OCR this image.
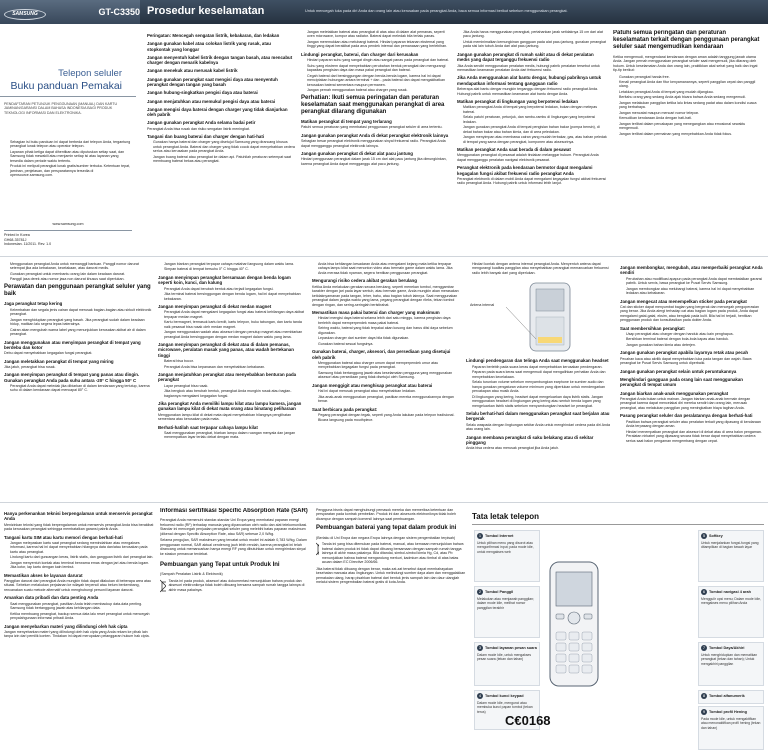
SAMSUNG	GT-C3350 Prosedur keselamatan	Untuk mencegah luka pada diri Anda dan orang lain atau kerusakan pada perangkat Anda, baca semua informasi berikut sebelum menggunakan perangkat.
Telepon seluler
Buku panduan Pemakai
PENDAFTARAN PETUNJUK PENGGUNAAN (MANUAL) DAN KARTU JAMINAN/GARANSI DALAM BAHASA INDONESIA BAGI PRODUK TEKNOLOGI INFORMASI DAN ELEKTRONIKA.
• Sebagian isi buku panduan ini dapat berbeda dari telepon Anda, tergantung perangkat lunak telepon atau operator telepon.
• Layanan pihak ketiga dapat dihentikan atau diputuskan setiap saat, dan Samsung tidak mewakili atau menjamin setiap isi atau layanan yang tersedia dalam periode waktu tertentu.
• Produk ini meliputi perangkat lunak gratis/sumber terbuka. Ketentuan tepat, jaminan, penjelasan, dan persyaratannya tersedia di opensource.samsung.com.
www.samsung.com
Printed in Korea
GH68-35781J
Indonesian. 11/2011. Rev. 1.0
Peringatan: Mencegah sengatan listrik, kebakaran, dan ledakan
Jangan gunakan kabel atau colokan listrik yang rusak, atau stopkontak yang longgar
Jangan menyentuh kabel listrik dengan tangan basah, atau mencabut charger dengan menarik kabelnya
Jangan menekuk atau merusak kabel listrik
Jangan gunakan perangkat saat mengisi daya atau menyentuh perangkat dengan tangan yang basah
Jangan hubung-singkatkan pengisi daya atau baterai
Jangan menjatuhkan atau memukul pengisi daya atau baterai
Jangan mengisi daya baterai dengan charger yang tidak dianjurkan oleh pabrik
Jangan gunakan perangkat Anda selama badai petir

Perangkat Anda bisa rusak dan risiko sengatan listrik meningkat.

Tangani dan buang baterai dan charger dengan hati-hati
• Gunakan hanya baterai dan charger yang disetujui Samsung yang dirancang khusus untuk perangkat Anda. Baterai dan charger yang tidak cocok dapat menyebabkan cedera serius atau kerusakan pada perangkat Anda.
• Jangan buang baterai atau perangkat ke dalam api. Patuhilah peraturan setempat saat membuang baterai bekas atau perangkat.
• Jangan meletakkan baterai atau perangkat di atas atau di dalam alat pemanas, seperti oven microwave, kompor atau radiator. Baterai dapat meledak bila terlalu panas.
• Jangan meremukkan atau melubangi baterai. Hindari paparan tekanan eksternal yang tinggi yang dapat berakibat pada arus pendek internal dan pemanasan yang berlebihan.
Lindungi perangkat, baterai, dan charger dari kerusakan
• Hindari paparan suhu yang sangat dingin atau sangat panas pada perangkat dan baterai.
• Suhu yang ekstrem dapat menyebabkan perubahan bentuk perangkat dan mengurangi kapasitas pengisian daya dan masa pakai perangkat dan baterai.
• Cegah baterai dari bersinggungan dengan benda-benda logam, karena hal ini dapat menciptakan hubungan antara terminal + dan - pada baterai dan dapat mengakibatkan kerusakan baterai sementara maupun permanen.
• Jangan pernah menggunakan baterai atau charger yang rusak.
Perhatian: Ikuti semua peringatan dan peraturan keselamatan saat menggunakan perangkat di area perangkat dilarang digunakan
Matikan perangkat di tempat yang terlarang

Patuhi semua peraturan yang membatasi penggunaan perangkat seluler di area tertentu.

Jangan gunakan perangkat Anda di dekat perangkat elektronik lainnya

Sebagian besar perangkat elektronik menggunakan sinyal frekuensi radio. Perangkat Anda dapat mengganggu perangkat elektronik lainnya.

Jangan gunakan perangkat di dekat alat pacu jantung

Hindari penggunaan perangkat dalam jarak 15 cm dari alat pacu jantung jika dimungkinkan, karena perangkat Anda dapat mengganggu alat pacu jantung.

• Jika Anda harus menggunakan perangkat, pertahankan jarak setidaknya 15 cm dari alat pacu jantung.
• Untuk meminimalkan kemungkinan gangguan pada alat pacu jantung, gunakan perangkat pada sisi lain tubuh Anda dari alat pacu jantung.
Jangan gunakan perangkat di rumah sakit atau di dekat peralatan medis yang dapat terganggu frekuensi radio

Jika Anda sendiri menggunakan peralatan medis, hubungi pabrik peralatan tersebut untuk memastikan keamanan peralatan Anda dari frekuensi radio.

Jika Anda menggunakan alat bantu dengar, hubungi pabriknya untuk mendapatkan informasi tentang gangguan radio

Beberapa alat bantu dengar mungkin terganggu dengan frekuensi radio perangkat Anda. Hubungi pabrik untuk memastikan keamanan alat bantu dengar Anda.

Matikan perangkat di lingkungan yang berpotensi ledakan
• Matikan perangkat Anda di tempat yang berpotensi ledakan, bukan dengan melepas baterai.
• Selalu patuhi peraturan, petunjuk, dan rambu-rambu di lingkungan yang berpotensi ledakan.
• Jangan gunakan perangkat Anda di tempat pengisian bahan bakar (pompa bensin), di dekat bahan bakar atau bahan kimia, dan di area peledakan.
• Jangan menyimpan atau membawa cairan yang mudah terbakar, gas, atau bahan peledak di tempat yang sama dengan perangkat, komponen atau aksesorinya.
Matikan perangkat Anda saat berada di dalam pesawat

Menggunakan perangkat di pesawat adalah tindakan melanggar hukum. Perangkat Anda dapat mengganggu peralatan navigasi elektronik pesawat.

Perangkat elektronik pada kendaraan bermotor dapat mengalami kegagalan fungsi akibat frekuensi radio perangkat Anda

Perangkat elektronik di dalam mobil Anda dapat mengalami kegagalan fungsi akibat frekuensi radio perangkat Anda. Hubungi pabrik untuk informasi lebih lanjut.

Patuhi semua peringatan dan peraturan keselamatan terkait dengan penggunaan perangkat seluler saat mengemudikan kendaraan

Ketika mengemudi, mengendarai kendaraan dengan aman adalah tanggung jawab utama Anda. Jangan pernah menggunakan perangkat seluler saat mengemudi, jika dilarang oleh hukum. Untuk keselamatan Anda dan orang lain, praktikkan akal sehat yang baik dan ingat tip-tip berikut:

• Gunakan perangkat handa free.
• Kenali perangkat Anda dan fitur kenyamanannya, seperti panggilan cepat dan panggil ulang.
• Letakkan perangkat Anda di tempat yang mudah dijangkau.
• Beritahu orang yang sedang Anda ajak bicara bahwa Anda sedang mengemudi.
• Jangan melakukan panggilan ketika lalu lintas sedang padat atau dalam kondisi cuaca yang berbahaya.
• Jangan mencatat maupun mencari nomor telepon.
• Kemudikan kendaraan Anda dengan hati-hati.
• Jangan terlibat dalam percakapan yang menegangkan atau emosional sewaktu mengemudi.
• Jangan terlibat dalam permainan yang menyebabkan Anda tidak fokus.
• Menggunakan perangkat Anda untuk memanggil bantuan. Panggil nomor darurat setempat jika ada kebakaran, kecelakaan, atau darurat medis.
• Gunakan perangkat untuk membantu orang lain dalam keadaan darurat.
• Panggil jasa derek atau nomor jasa non darurat khusus saat diperlukan.
Perawatan dan penggunaan perangkat seluler yang baik
Jaga perangkat tetap kering
• Kelembaban dan segala jenis cairan dapat merusak bagian-bagian atau sirkuit elektronik perangkat.
• Jangan menghidupkan perangkat yang basah. Jika perangkat sudah dalam keadaan hidup, matikan lalu segera lepas baterainya.
• Cairan akan mengubah warna label yang menunjukkan kerusakan akibat air di dalam perangkat.
Jangan menggunakan atau menyimpan perangkat di tempat yang berdebu dan kotor

Debu dapat menyebabkan kegagalan fungsi perangkat.

Jangan meletakkan perangkat di tempat yang miring

Jika jatuh, perangkat bisa rusak.

Jangan menyimpan perangkat di tempat yang panas atau dingin. Gunakan perangkat Anda pada suhu antara -20° C hingga 50° C
• Perangkat Anda dapat meledak jika dibiarkan di dalam kendaraan yang tertutup, karena suhu di dalam kendaraan dapat mencapai 80° C.
• Jangan biarkan perangkat terpapar cahaya matahari langsung dalam waktu lama.
• Simpan baterai di tempat bersuhu 0° C hingga 40° C.
Jangan menyimpan perangkat bersamaan dengan benda logam seperti koin, kunci, dan kalung
• Perangkat Anda dapat berubah bentuk atau terjadi kegagalan fungsi.
• Jika terminal baterai bersinggungan dengan benda logam, hal ini dapat menyebabkan kebakaran.
Jangan menyimpan perangkat di dekat medan magnet
• Perangkat Anda dapat mengalami kegagalan fungsi atau baterai kehilangan daya akibat terpapar medan magnet.
• Kartu bermagnet, termasuk kartu kredit, kartu telepon, buku tabungan, dan kartu tanda naik pesawat bisa rusak oleh medan magnet.
• Jangan menggunakan wadah atau aksesori dengan penutup magnet atau membiarkan perangkat Anda bersinggungan dengan medan magnet dalam waktu yang lama.
Jangan menyimpan perangkat di dekat atau di dalam pemanas, microwave, peralatan masak yang panas, atau wadah bertekanan tinggi
• Baterai bisa bocor.
• Perangkat Anda bisa kepanasan dan menyebabkan kebakaran.
Jangan menjatuhkan perangkat atau menyebabkan benturan pada perangkat
• Layar perangkat bisa rusak.
• Jika bengkok atau berubah bentuk, perangkat Anda mungkin rusak atau bagian-bagiannya mengalami kegagalan fungsi.
Jika perangkat Anda memiliki lampu kilat atau lampu kamera, jangan gunakan lampu kilat di dekat mata orang atau binatang peliharaan

Menggunakan lampu kilat di dekat mata dapat menyebabkan hilangnya penglihatan sementara atau kerusakan pada mata.

Berhati-hatilah saat terpapar cahaya lampu kilat
• Saat menggunakan perangkat, biarkan lampu dalam ruangan menyala dan jangan menempatkan layar terlalu dekat dengan mata.
• Anda bisa kehilangan kesadaran Anda atau mengalami kejang mata ketika terpapar cahaya lampu kilat saat menonton video atau bermain game dalam waktu lama. Jika Anda merasa tidak nyaman, segera hentikan penggunaan perangkat.
Mengurangi risiko cedera akibat gerakan berulang

Ketika Anda melakukan gerakan secara berulang, seperti menekan tombol, menggambar karakter dengan jari pada layar sentuh, atau bermain game, Anda mungkin akan merasakan ketidaknyamanan pada tangan, leher, bahu, atau bagian tubuh lainnya. Saat menggunakan perangkat dalam jangka waktu yang lama, pegang perangkat dengan rileks, tekan tombol dengan ringan, dan sering-seringlah beristirahat.

Memastikan masa pakai baterai dan charger yang maksimum
• Hindari mengisi daya baterai selama lebih dari satu minggu, karena pengisian daya berlebih dapat memperpendek masa pakai baterai.
• Seiring waktu, baterai yang tidak terpakai akan kosong dan harus diisi daya sebelum digunakan.
• Lepaskan charger dari sumber daya bila tidak digunakan.
• Gunakan baterai sesuai fungsinya.
Gunakan baterai, charger, aksesori, dan persediaan yang disetujui oleh pabrik
• Menggunakan baterai atau charger umum dapat memperpendek umur atau menyebabkan kegagalan fungsi pada perangkat.
• Samsung tidak bertanggung jawab atas keselamatan pengguna yang menggunakan aksesori atau persediaan yang tidak disetujui oleh Samsung.
Jangan menggigit atau menghisap perangkat atau baterai
• Hal ini dapat merusak perangkat atau menyebabkan ledakan.
• Jika anak-anak menggunakan perangkat, pastikan mereka menggunakannya dengan benar.
Saat berbicara pada perangkat:
• Pegang perangkat dengan tegak, seperti yang Anda lakukan pada telepon tradisional.
• Bicara langsung pada mouthpiece.
• Hindari kontak dengan antena internal perangkat Anda. Menyentuh antena dapat mengurangi kualitas panggilan atau menyebabkan perangkat memancarkan frekuensi radio lebih banyak dari yang diperlukan.
Antena internal
Lindungi pendengaran dan telinga Anda saat menggunakan headset
• Paparan berlebih pada suara keras dapat menyebabkan kerusakan pendengaran.
• Paparan pada suara keras saat mengemudi dapat mengalihkan perhatian Anda dan menyebabkan kecelakaan.
• Selalu turunkan volume sebelum menyambungkan earphone ke sumber audio dan hanya gunakan pengaturan volume minimum yang diperlukan untuk mendengarkan percakapan atau musik Anda.
• Di lingkungan yang kering, headset dapat mengeluarkan daya listrik statis. Jangan menggunakan headset di lingkungan yang kering atau sentuh benda logam yang mengeluarkan listrik statis sebelum menyambungkan headset ke perangkat.
Selalu berhati-hati dalam menggunakan perangkat saat berjalan atau bergerak

Selalu waspada dengan lingkungan sekitar Anda untuk menghindari cedera pada diri Anda atau orang lain.

Jangan membawa perangkat di saku belakang atau di sekitar pinggang

Anda bisa cedera atau merusak perangkat jika Anda jatuh.

Jangan membongkar, mengubah, atau memperbaiki perangkat Anda sendiri
• Perubahan atau modifikasi apapun pada perangkat Anda dapat membatalkan garansi pabrik. Untuk servis, bawa perangkat ke Pusat Servis Samsung.
• Jangan membongkar atau melubangi baterai, karena hal ini dapat menyebabkan ledakan atau kebakaran.
Jangan mengecat atau menempelkan sticker pada perangkat

Cat dan sticker dapat menyumbat bagian yang bergerak dan mencegah pengoperasian yang benar. Jika Anda alergi terhadap cat atau bagian logam pada produk, Anda dapat mengalami gatal-gatal, eksim, atau bengkak pada kulit. Bila hal ini terjadi, hentikan penggunaan produk dan konsultasikan pada dokter Anda.

Saat membersihkan perangkat:
• Usap perangkat atau charger dengan handuk atau kain penghapus.
• Bersihkan terminal baterai dengan bola-bola kapas atau handuk.
• Jangan gunakan bahan kimia atau deterjen.
Jangan gunakan perangkat apabila layarnya retak atau pecah

Pecahan kaca atau akrilik dapat menyebabkan luka pada tangan dan wajah. Bawa perangkat ke Pusat Servis Samsung untuk diperbaiki.

Jangan gunakan perangkat selain untuk peruntukannya
Menghindari gangguan pada orang lain saat menggunakan perangkat di tempat umum
Jangan biarkan anak-anak menggunakan perangkat

Perangkat Anda bukan untuk mainan. Jangan biarkan anak-anak bermain dengan perangkat karena dapat mencelakai diri mereka sendiri dan orang lain, merusak perangkat, atau melakukan panggilan yang meningkatkan biaya tagihan Anda.

Pasang perangkat seluler dan peralatannya dengan berhati-hati
• Pastikan bahwa perangkat seluler atau peralatan terkait yang dipasang di kendaraan Anda terpasang dengan aman.
• Hindari menempatkan perangkat dan aksesori di dekat atau di area balon pengaman. Peralatan nirkabel yang dipasang secara tidak benar dapat menyebabkan cedera serius saat balon pengaman mengembang dengan cepat.
Hanya perkenankan teknisi berpengalaman untuk menservis perangkat Anda

Menizinkan teknisi yang tidak berpengalaman untuk menservis perangkat Anda bisa berakibat pada kerusakan perangkat sehingga membatalkan garansi pabrik Anda.

Tangani kartu SIM atau kartu memori dengan berhati-hati
• Jangan melepaskan kartu saat perangkat sedang memindahkan atau mengakses informasi, karena hal ini dapat menyebabkan hilangnya data dan/atau kerusakan pada kartu atau perangkat.
• Lindungi kartu dari guncangan keras, listrik statis, dan gangguan listrik dari perangkat lain.
• Jangan menyentuh kontak atau terminal berwarna emas dengan jari atau benda logam. Jika kotor, lap kartu dengan kain lembut.
Memastikan akses ke layanan darurat

Panggilan darurat dari perangkat Anda mungkin tidak dapat dilakukan di beberapa area atau situasi. Sebelum melakukan perjalanan ke wilayah terpencil atau belum berkembang, rencanakan suatu metode alternatif untuk menghubungi personil layanan darurat.

Amankan data pribadi dan data penting Anda
• Saat menggunakan perangkat, pastikan Anda telah membackup data-data penting. Samsung tidak bertanggung jawab atas kehilangan data.
• Ketika membuang perangkat, backup semua data lalu reset perangkat untuk mencegah penyalahgunaan informasi pribadi Anda.
Jangan menyebarkan materi yang dilindungi oleh hak cipta

Jangan menyebarkan materi yang dilindungi oleh hak cipta yang Anda rekam ke pihak lain tanpa izin dari pemilik konten. Tindakan ini dapat merupakan pelanggaran hukum hak cipta.

Informasi sertifikasi Specific Absorption Rate (SAR)

Perangkat Anda memenuhi standar-standar Uni Eropa yang membatasi paparan energi frekuensi radio (RF) terhadap manusia yang dipancarkan oleh radio dan alat telekomunikasi. Standar ini mencegah penjualan perangkat seluler yang melebihi batas paparan maksimum (dikenal dengan Specific Absorption Rate, atau SAR) sebesar 2,0 W/kg.

Selama pengujian, SAR maksimum yang tercatat untuk model ini adalah 0,783 W/kg. Dalam penggunaan normal, SAR aktual cenderung jauh lebih rendah, karena perangkat ini telah dirancang untuk memancarkan hanya energi RF yang dibutuhkan untuk mengirimkan sinyal ke stasiun pemancar terdekat.

Pembuangan yang Tepat untuk Produk Ini

(Sampah Peralatan Listrik & Elektronik)

Tanda ini pada produk, aksesori atau dokumentasi menunjukkan bahwa produk dan aksesori elektroniknya tidak boleh dibuang bersama sampah rumah tangga lainnya di akhir masa pakainya.

Pengguna bisnis dapat menghubungi pemasok mereka dan memeriksa ketentuan dan persyaratan pada kontrak pembelian. Produk ini dan aksesoris elektroniknya tidak boleh dicampur dengan sampah komersil lainnya saat pembuangan.

Pembuangan baterai yang tepat dalam produk ini

(Berlaku di Uni Eropa dan negara Eropa lainnya dengan sistem pengembalian terpisah)

Tanda ini yang bisa ditemukan pada baterai, manual, atau kemasan menunjukkan bahwa baterai dalam produk ini tidak dapat dibuang bersamaan dengan sampah rumah tangga lainnya di akhir masa pakainya. Bila ditandai, simbol-simbol kimia Hg, Cd, atau Pb menunjukkan bahwa baterai mengandung merkuri, kadmium atau timbal di atas batas acuan dalam EC Directive 2006/66.

Jika baterai tidak dibuang dengan benar, maka zat-zat tersebut dapat membahayakan kesehatan manusia atau lingkungan. Untuk melindungi sumber daya alam dan menggalakkan pemakaian ulang, harap pisahkan baterai dari bentuk jenis sampah lain dan daur ulanglah melalui sistem pengembalian baterai gratis di kota Anda.

Tata letak telepon
1 Tombol Internet
Untuk pilihan menu yang disorot atau mengonfirmasi input; pada mode idle, untuk mengakses web
2 Tombol Panggil
Melakukan atau menjawab panggilan; dalam mode Idle, melihat nomor panggilan terakhir
3 Tombol layanan pesan suara
Dalam mode Idle, untuk mengakses pesan suara (tekan dan tahan)
4 Tombol kunci keypad
Dalam mode Idle, mengunci atau membuka kunci papan tombol (tekan terus)
5 Softkey
Untuk menjalankan fungsi-fungsi yang ditampilkan di bagian bawah layar
6 Tombol navigasi 4 arah
Menggulir opsi menu; Dalam mode Idle, mengakses menu pilihan Anda
7 Tombol Daya/Akhiri
Untuk menghidupkan dan mematikan perangkat (tekan dan tahan); Untuk mengakhiri panggilan
8 Tombol alfanumerik
9 Tombol profil Hening
Pada mode Idle, untuk mengaktifkan atau menonaktifkan profil hening (tekan dan tahan)
C€0168
